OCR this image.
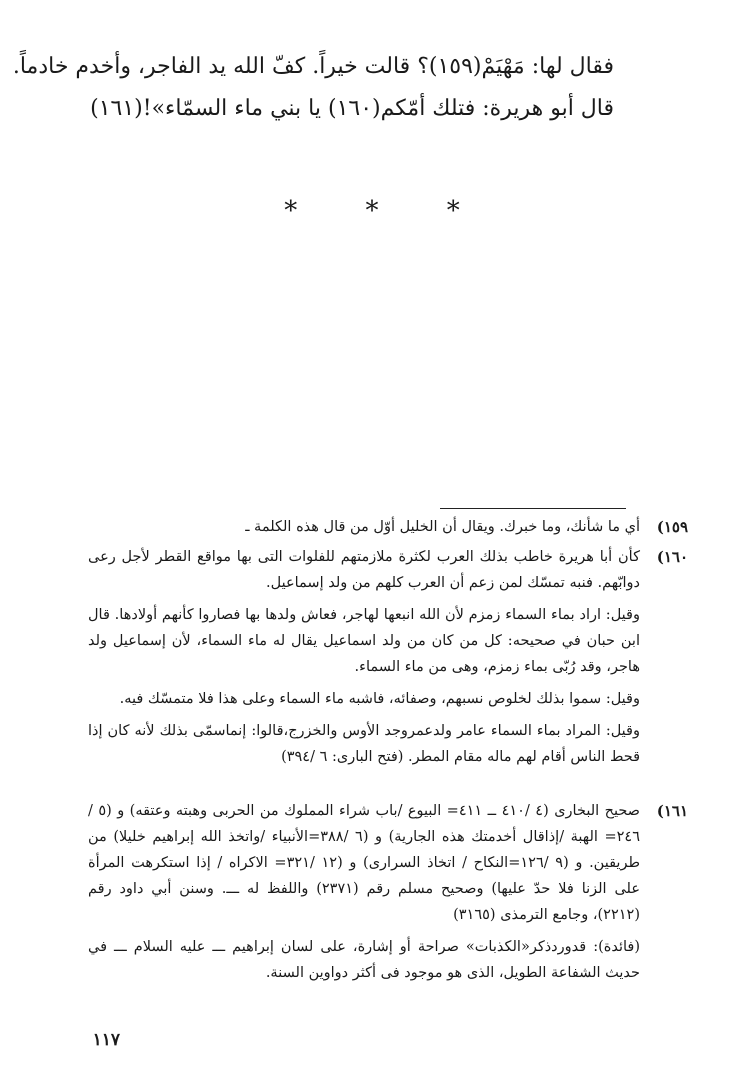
فقال لها: مَهْيَمْ(١٥٩)؟ قالت خيراً. كفّ الله يد الفاجر، وأخدم خادماً.
قال أبو هريرة: فتلك أمّكم(١٦٠) يا بني ماء السمّاء»!(١٦١)
* * *
١٥٩)

أي ما شأنك، وما خبرك. ويقال أن الخليل أوّل من قال هذه الكلمة ـ

١٦٠)

كأن أبا هريرة خاطب بذلك العرب لكثرة ملازمتهم للفلوات التى بها مواقع القطر لأجل رعى دوابّهم. فنبه تمسّك لمن زعم أن العرب كلهم من ولد إسماعيل.

وقيل: اراد بماء السماء زمزم لأن الله انبعها لهاجر، فعاش ولدها بها فصاروا كأنهم أولادها. قال ابن حبان في صحيحه: كل من كان من ولد اسماعيل يقال له ماء السماء، لأن إسماعيل ولد هاجر، وقد رُبّى بماء زمزم، وهى من ماء السماء.

وقيل: سموا بذلك لخلوص نسبهم، وصفائه، فاشبه ماء السماء وعلى هذا فلا متمسّك فيه.

وقيل: المراد بماء السماء عامر ولدعمروجد الأوس والخزرج،قالوا: إنماسمّى بذلك لأنه كان إذا قحط الناس أقام لهم ماله مقام المطر. (فتح البارى: ٦ /٣٩٤)

١٦١)

صحيح البخارى (٤ /٤١٠ ــ ٤١١= البيوع /باب شراء المملوك من الحربى وهبته وعتقه) و (٥ /٢٤٦= الهبة /إذاقال أخدمتك هذه الجارية) و (٦ /٣٨٨=الأنبياء /واتخذ الله إبراهيم خليلا) من طريقين. و (٩ /١٢٦=النكاح / اتخاذ السرارى) و (١٢ /٣٢١= الاكراه / إذا استكرهت المرأة على الزنا فلا حدّ عليها) وصحيح مسلم رقم (٢٣٧١) واللفظ له ـــ. وسنن أبي داود رقم (٢٢١٢)، وجامع الترمذى (٣١٦٥)

(فائدة): قدوردذكر«الكذبات» صراحة أو إشارة، على لسان إبراهيم ـــ عليه السلام ـــ في حديث الشفاعة الطويل، الذى هو موجود فى أكثر دواوين السنة.

١١٧
